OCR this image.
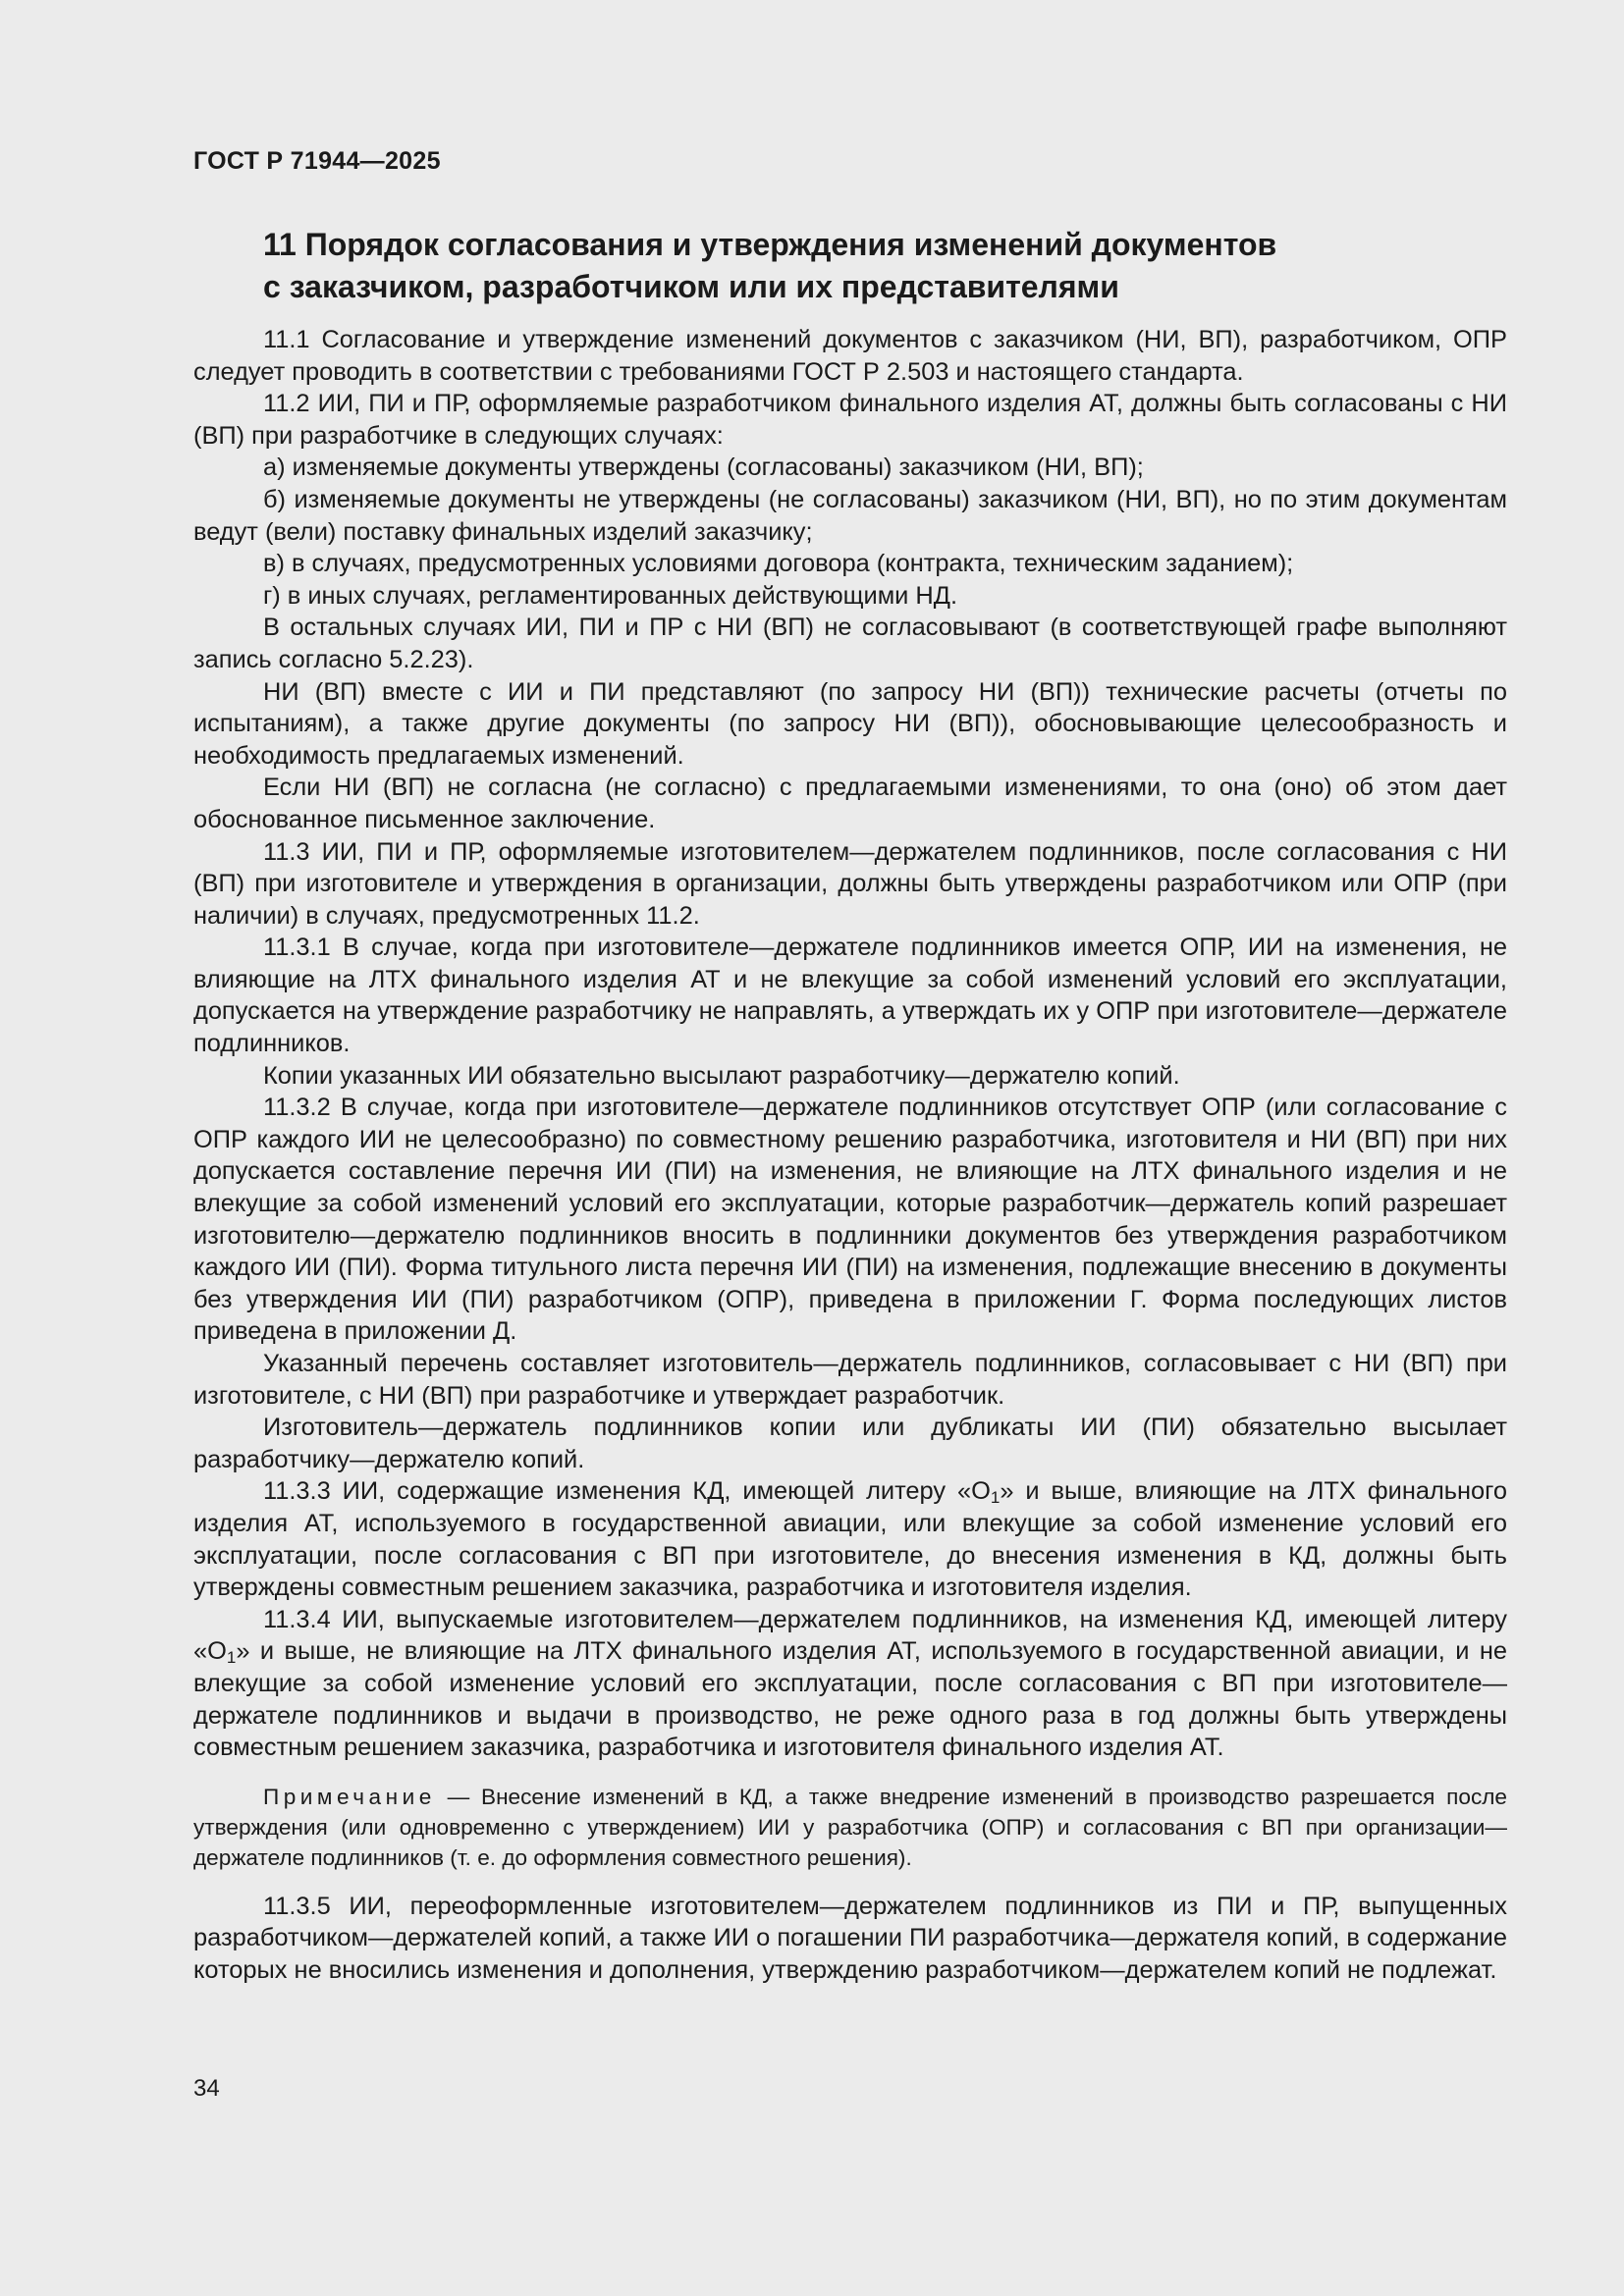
ГОСТ Р 71944—2025
11 Порядок согласования и утверждения изменений документов
с заказчиком, разработчиком или их представителями

11.1 Согласование и утверждение изменений документов с заказчиком (НИ, ВП), разработчиком, ОПР следует проводить в соответствии с требованиями ГОСТ Р 2.503 и настоящего стандарта.

11.2 ИИ, ПИ и ПР, оформляемые разработчиком финального изделия АТ, должны быть согласованы с НИ (ВП) при разработчике в следующих случаях:

а) изменяемые документы утверждены (согласованы) заказчиком (НИ, ВП);

б) изменяемые документы не утверждены (не согласованы) заказчиком (НИ, ВП), но по этим документам ведут (вели) поставку финальных изделий заказчику;

в) в случаях, предусмотренных условиями договора (контракта, техническим заданием);

г) в иных случаях, регламентированных действующими НД.

В остальных случаях ИИ, ПИ и ПР с НИ (ВП) не согласовывают (в соответствующей графе выполняют запись согласно 5.2.23).

НИ (ВП) вместе с ИИ и ПИ представляют (по запросу НИ (ВП)) технические расчеты (отчеты по испытаниям), а также другие документы (по запросу НИ (ВП)), обосновывающие целесообразность и необходимость предлагаемых изменений.

Если НИ (ВП) не согласна (не согласно) с предлагаемыми изменениями, то она (оно) об этом дает обоснованное письменное заключение.

11.3 ИИ, ПИ и ПР, оформляемые изготовителем—держателем подлинников, после согласования с НИ (ВП) при изготовителе и утверждения в организации, должны быть утверждены разработчиком или ОПР (при наличии) в случаях, предусмотренных 11.2.

11.3.1 В случае, когда при изготовителе—держателе подлинников имеется ОПР, ИИ на изменения, не влияющие на ЛТХ финального изделия АТ и не влекущие за собой изменений условий его эксплуатации, допускается на утверждение разработчику не направлять, а утверждать их у ОПР при изготовителе—держателе подлинников.

Копии указанных ИИ обязательно высылают разработчику—держателю копий.

11.3.2 В случае, когда при изготовителе—держателе подлинников отсутствует ОПР (или согласование с ОПР каждого ИИ не целесообразно) по совместному решению разработчика, изготовителя и НИ (ВП) при них допускается составление перечня ИИ (ПИ) на изменения, не влияющие на ЛТХ финального изделия и не влекущие за собой изменений условий его эксплуатации, которые разработчик—держатель копий разрешает изготовителю—держателю подлинников вносить в подлинники документов без утверждения разработчиком каждого ИИ (ПИ). Форма титульного листа перечня ИИ (ПИ) на изменения, подлежащие внесению в документы без утверждения ИИ (ПИ) разработчиком (ОПР), приведена в приложении Г. Форма последующих листов приведена в приложении Д.

Указанный перечень составляет изготовитель—держатель подлинников, согласовывает с НИ (ВП) при изготовителе, с НИ (ВП) при разработчике и утверждает разработчик.

Изготовитель—держатель подлинников копии или дубликаты ИИ (ПИ) обязательно высылает разработчику—держателю копий.

11.3.3 ИИ, содержащие изменения КД, имеющей литеру «$О_1$» и выше, влияющие на ЛТХ финального изделия АТ, используемого в государственной авиации, или влекущие за собой изменение условий его эксплуатации, после согласования с ВП при изготовителе, до внесения изменения в КД, должны быть утверждены совместным решением заказчика, разработчика и изготовителя изделия.

11.3.4 ИИ, выпускаемые изготовителем—держателем подлинников, на изменения КД, имеющей литеру «$О_1$» и выше, не влияющие на ЛТХ финального изделия АТ, используемого в государственной авиации, и не влекущие за собой изменение условий его эксплуатации, после согласования с ВП при изготовителе—держателе подлинников и выдачи в производство, не реже одного раза в год должны быть утверждены совместным решением заказчика, разработчика и изготовителя финального изделия АТ.

Примечание — Внесение изменений в КД, а также внедрение изменений в производство разрешается после утверждения (или одновременно с утверждением) ИИ у разработчика (ОПР) и согласования с ВП при организации—держателе подлинников (т. е. до оформления совместного решения).

11.3.5 ИИ, переоформленные изготовителем—держателем подлинников из ПИ и ПР, выпущенных разработчиком—держателей копий, а также ИИ о погашении ПИ разработчика—держателя копий, в содержание которых не вносились изменения и дополнения, утверждению разработчиком—держателем копий не подлежат.

34
